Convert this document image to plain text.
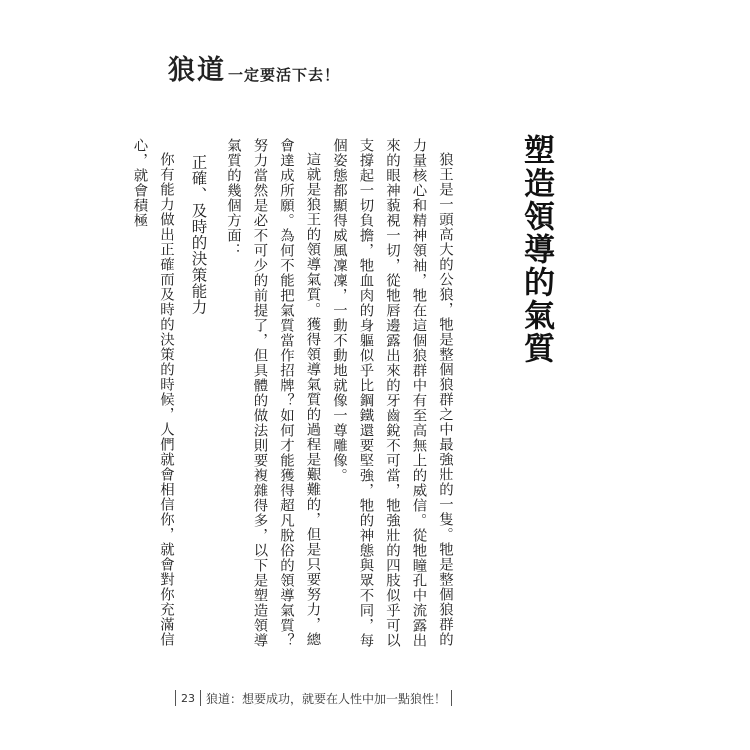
狼道 一定要活下去！
塑造領導的氣質

狼王是一頭高大的公狼，牠是整個狼群之中最強壯的一隻。牠是整個狼群的力量核心和精神領袖，牠在這個狼群中有至高無上的威信。從牠瞳孔中流露出來的眼神藐視一切，從牠唇邊露出來的牙齒銳不可當，牠強壯的四肢似乎可以支撐起一切負擔，牠血肉的身軀似乎比鋼鐵還要堅強，牠的神態與眾不同，每個姿態都顯得威風凜凜，一動不動地就像一尊雕像。

這就是狼王的領導氣質。獲得領導氣質的過程是艱難的，但是只要努力，總會達成所願。為何不能把氣質當作招牌？如何才能獲得超凡脫俗的領導氣質？努力當然是必不可少的前提了，但具體的做法則要複雜得多，以下是塑造領導氣質的幾個方面：

正確、及時的決策能力

你有能力做出正確而及時的決策的時候，人們就會相信你，就會對你充滿信心，就會積極

23 狼道：想要成功，就要在人性中加一點狼性！
